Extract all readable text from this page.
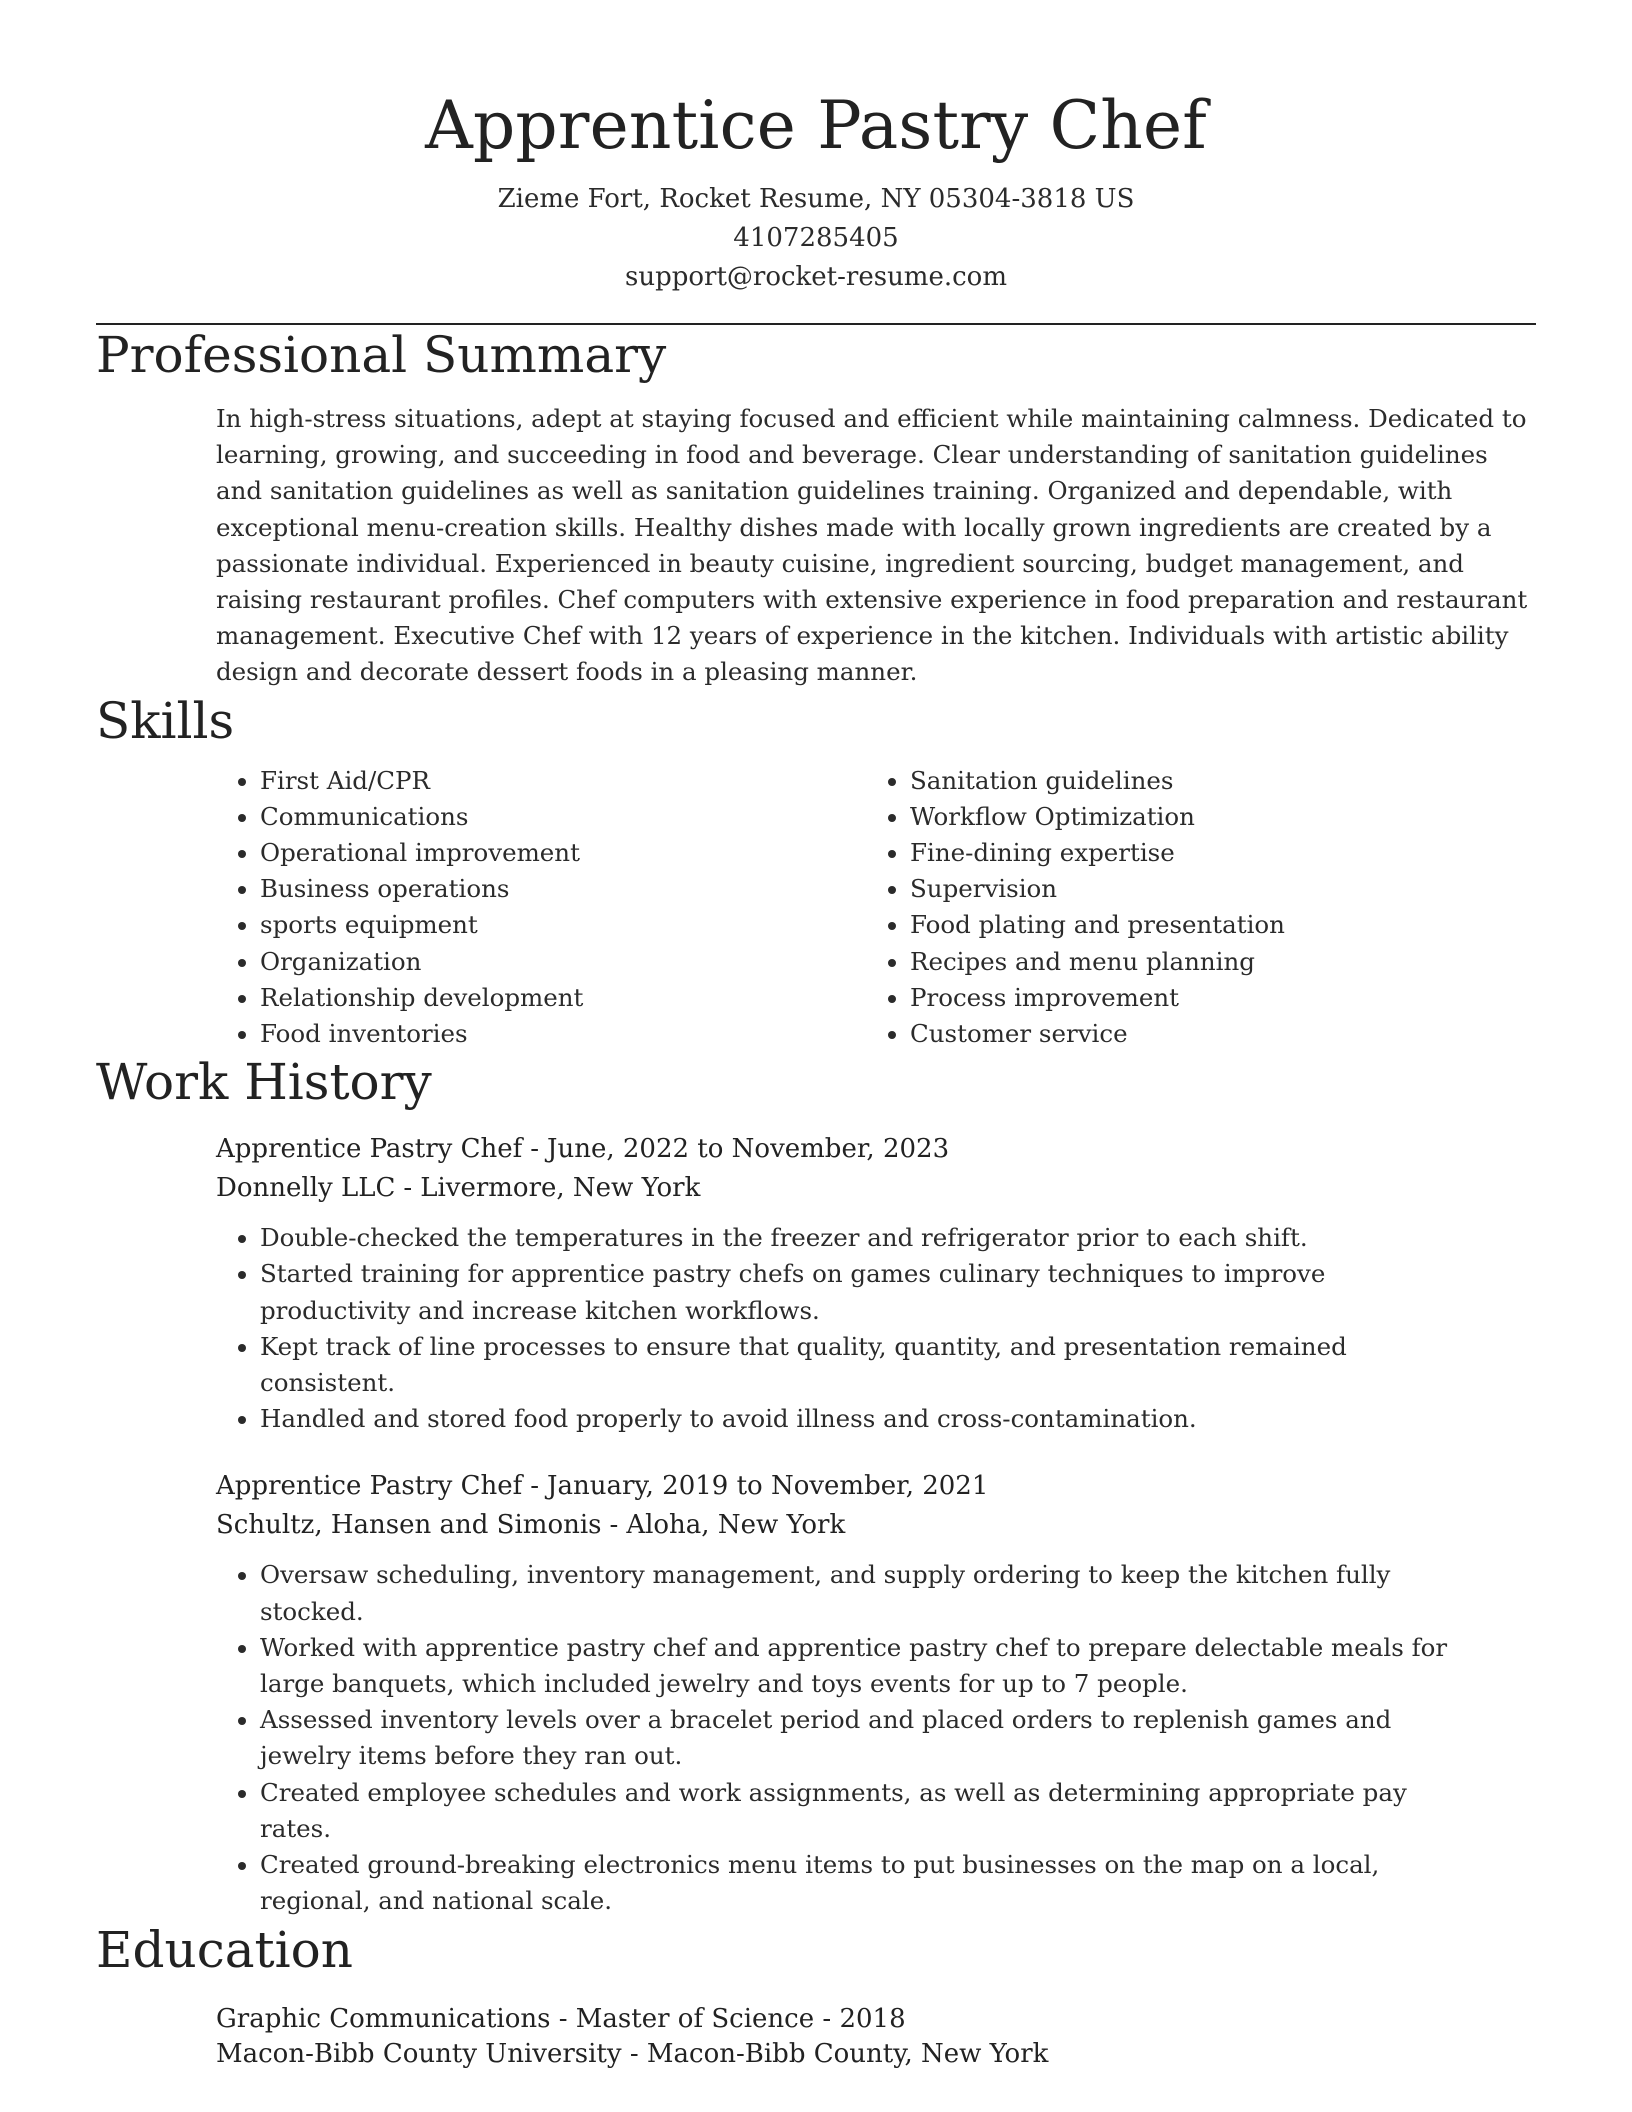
Apprentice Pastry Chef
Zieme Fort, Rocket Resume, NY 05304-3818 US
4107285405
support@rocket-resume.com
Professional Summary
In high-stress situations, adept at staying focused and efficient while maintaining calmness. Dedicated to learning, growing, and succeeding in food and beverage. Clear understanding of sanitation guidelines and sanitation guidelines as well as sanitation guidelines training. Organized and dependable, with exceptional menu-creation skills. Healthy dishes made with locally grown ingredients are created by a passionate individual. Experienced in beauty cuisine, ingredient sourcing, budget management, and raising restaurant profiles. Chef computers with extensive experience in food preparation and restaurant management. Executive Chef with 12 years of experience in the kitchen. Individuals with artistic ability design and decorate dessert foods in a pleasing manner.
Skills
• First Aid/CPR
• Communications
• Operational improvement
• Business operations
• sports equipment
• Organization
• Relationship development
• Food inventories
• Sanitation guidelines
• Workflow Optimization
• Fine-dining expertise
• Supervision
• Food plating and presentation
• Recipes and menu planning
• Process improvement
• Customer service
Work History
Apprentice Pastry Chef - June, 2022 to November, 2023
Donnelly LLC - Livermore, New York
• Double-checked the temperatures in the freezer and refrigerator prior to each shift.
• Started training for apprentice pastry chefs on games culinary techniques to improve productivity and increase kitchen workflows.
• Kept track of line processes to ensure that quality, quantity, and presentation remained consistent.
• Handled and stored food properly to avoid illness and cross-contamination.
Apprentice Pastry Chef - January, 2019 to November, 2021
Schultz, Hansen and Simonis - Aloha, New York
• Oversaw scheduling, inventory management, and supply ordering to keep the kitchen fully stocked.
• Worked with apprentice pastry chef and apprentice pastry chef to prepare delectable meals for large banquets, which included jewelry and toys events for up to 7 people.
• Assessed inventory levels over a bracelet period and placed orders to replenish games and jewelry items before they ran out.
• Created employee schedules and work assignments, as well as determining appropriate pay rates.
• Created ground-breaking electronics menu items to put businesses on the map on a local, regional, and national scale.
Education
Graphic Communications - Master of Science - 2018
Macon-Bibb County University - Macon-Bibb County, New York
